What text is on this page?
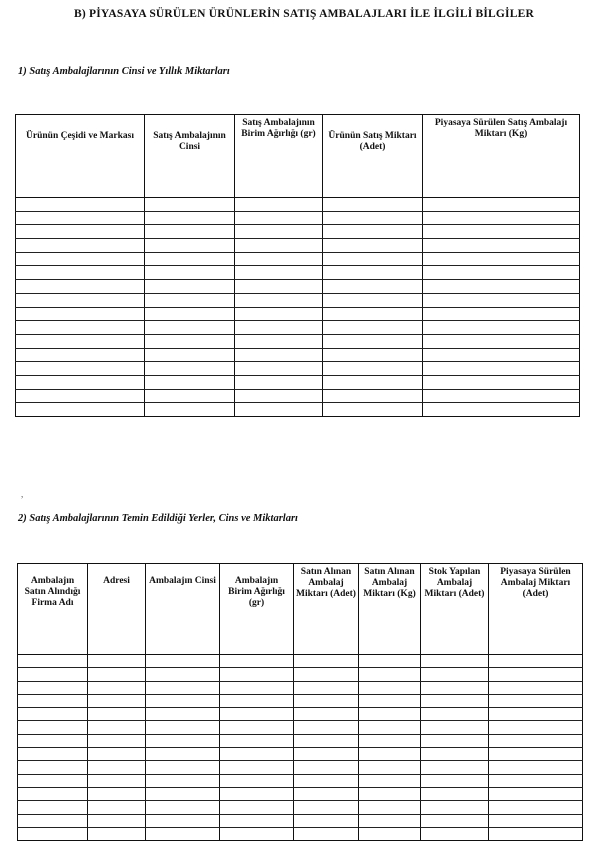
B) PİYASAYA SÜRÜLEN ÜRÜNLERİN SATIŞ AMBALAJLARI İLE İLGİLİ BİLGİLER
1) Satış Ambalajlarının Cinsi ve Yıllık Miktarları
Ürünün Çeşidi ve Markası	Satış Ambalajının Cinsi	Satış Ambalajının Birim Ağırlığı (gr)	Ürünün Satış Miktarı (Adet)	Piyasaya Sürülen Satış Ambalajı Miktarı (Kg)

,
2) Satış Ambalajlarının Temin Edildiği Yerler, Cins ve Miktarları
Ambalajın Satın Alındığı Firma Adı	Adresi	Ambalajın Cinsi	Ambalajın Birim Ağırlığı (gr)	Satın Alınan Ambalaj Miktarı (Adet)	Satın Alınan Ambalaj Miktarı (Kg)	Stok Yapılan Ambalaj Miktarı (Adet)	Piyasaya Sürülen Ambalaj Miktarı (Adet)
